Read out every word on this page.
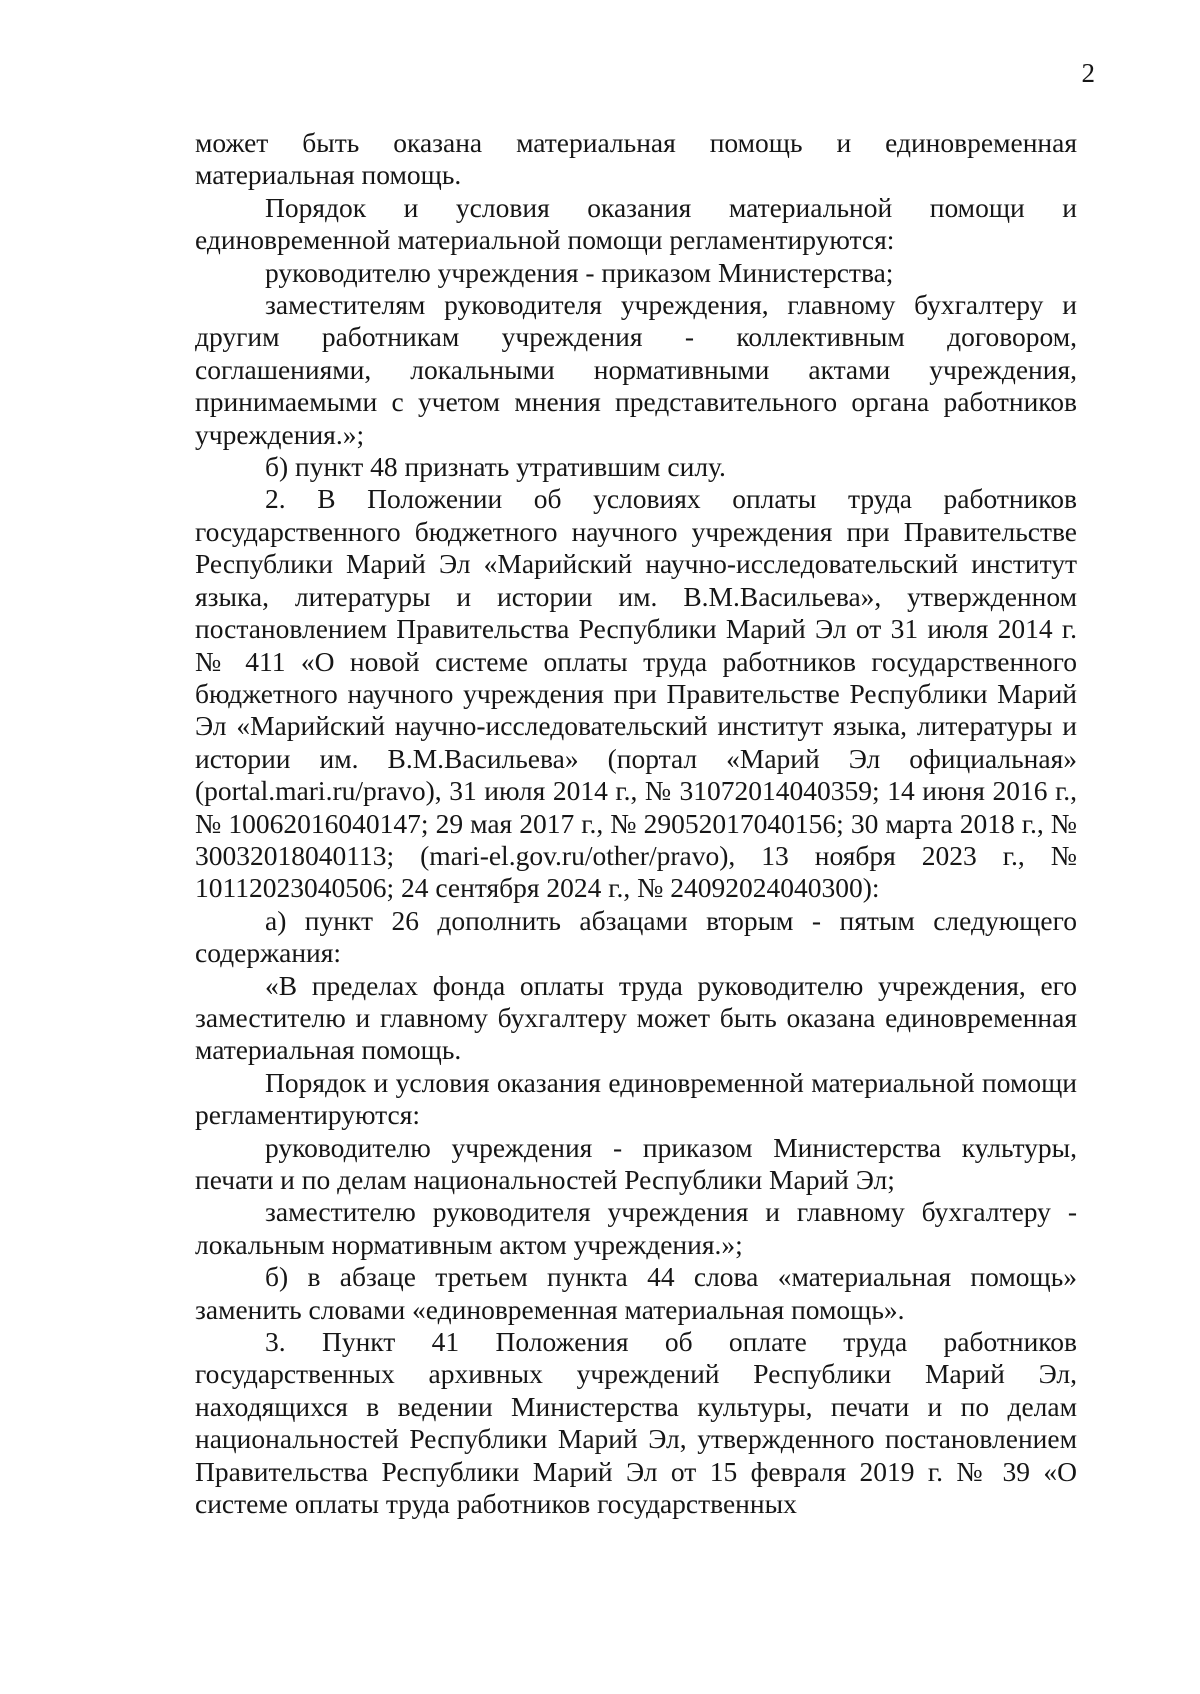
2

может быть оказана материальная помощь и единовременная материальная помощь.

Порядок и условия оказания материальной помощи и единовременной материальной помощи регламентируются:

руководителю учреждения - приказом Министерства;

заместителям руководителя учреждения, главному бухгалтеру и другим работникам учреждения - коллективным договором, соглашениями, локальными нормативными актами учреждения, принимаемыми с учетом мнения представительного органа работников учреждения.»;

б) пункт 48 признать утратившим силу.

2. В Положении об условиях оплаты труда работников государственного бюджетного научного учреждения при Правительстве Республики Марий Эл «Марийский научно-исследовательский институт языка, литературы и истории им. В.М.Васильева», утвержденном постановлением Правительства Республики Марий Эл от 31 июля 2014 г. № 411 «О новой системе оплаты труда работников государственного бюджетного научного учреждения при Правительстве Республики Марий Эл «Марийский научно-исследовательский институт языка, литературы и истории им. В.М.Васильева» (портал «Марий Эл официальная» (portal.mari.ru/pravo), 31 июля 2014 г., № 31072014040359; 14 июня 2016 г., № 10062016040147; 29 мая 2017 г., № 29052017040156; 30 марта 2018 г., № 30032018040113; (mari-el.gov.ru/other/pravo), 13 ноября 2023 г., № 10112023040506; 24 сентября 2024 г., № 24092024040300):

а) пункт 26 дополнить абзацами вторым - пятым следующего содержания:

«В пределах фонда оплаты труда руководителю учреждения, его заместителю и главному бухгалтеру может быть оказана единовременная материальная помощь.

Порядок и условия оказания единовременной материальной помощи регламентируются:

руководителю учреждения - приказом Министерства культуры, печати и по делам национальностей Республики Марий Эл;

заместителю руководителя учреждения и главному бухгалтеру - локальным нормативным актом учреждения.»;

б) в абзаце третьем пункта 44 слова «материальная помощь» заменить словами «единовременная материальная помощь».

3. Пункт 41 Положения об оплате труда работников государственных архивных учреждений Республики Марий Эл, находящихся в ведении Министерства культуры, печати и по делам национальностей Республики Марий Эл, утвержденного постановлением Правительства Республики Марий Эл от 15 февраля 2019 г. № 39 «О системе оплаты труда работников государственных
